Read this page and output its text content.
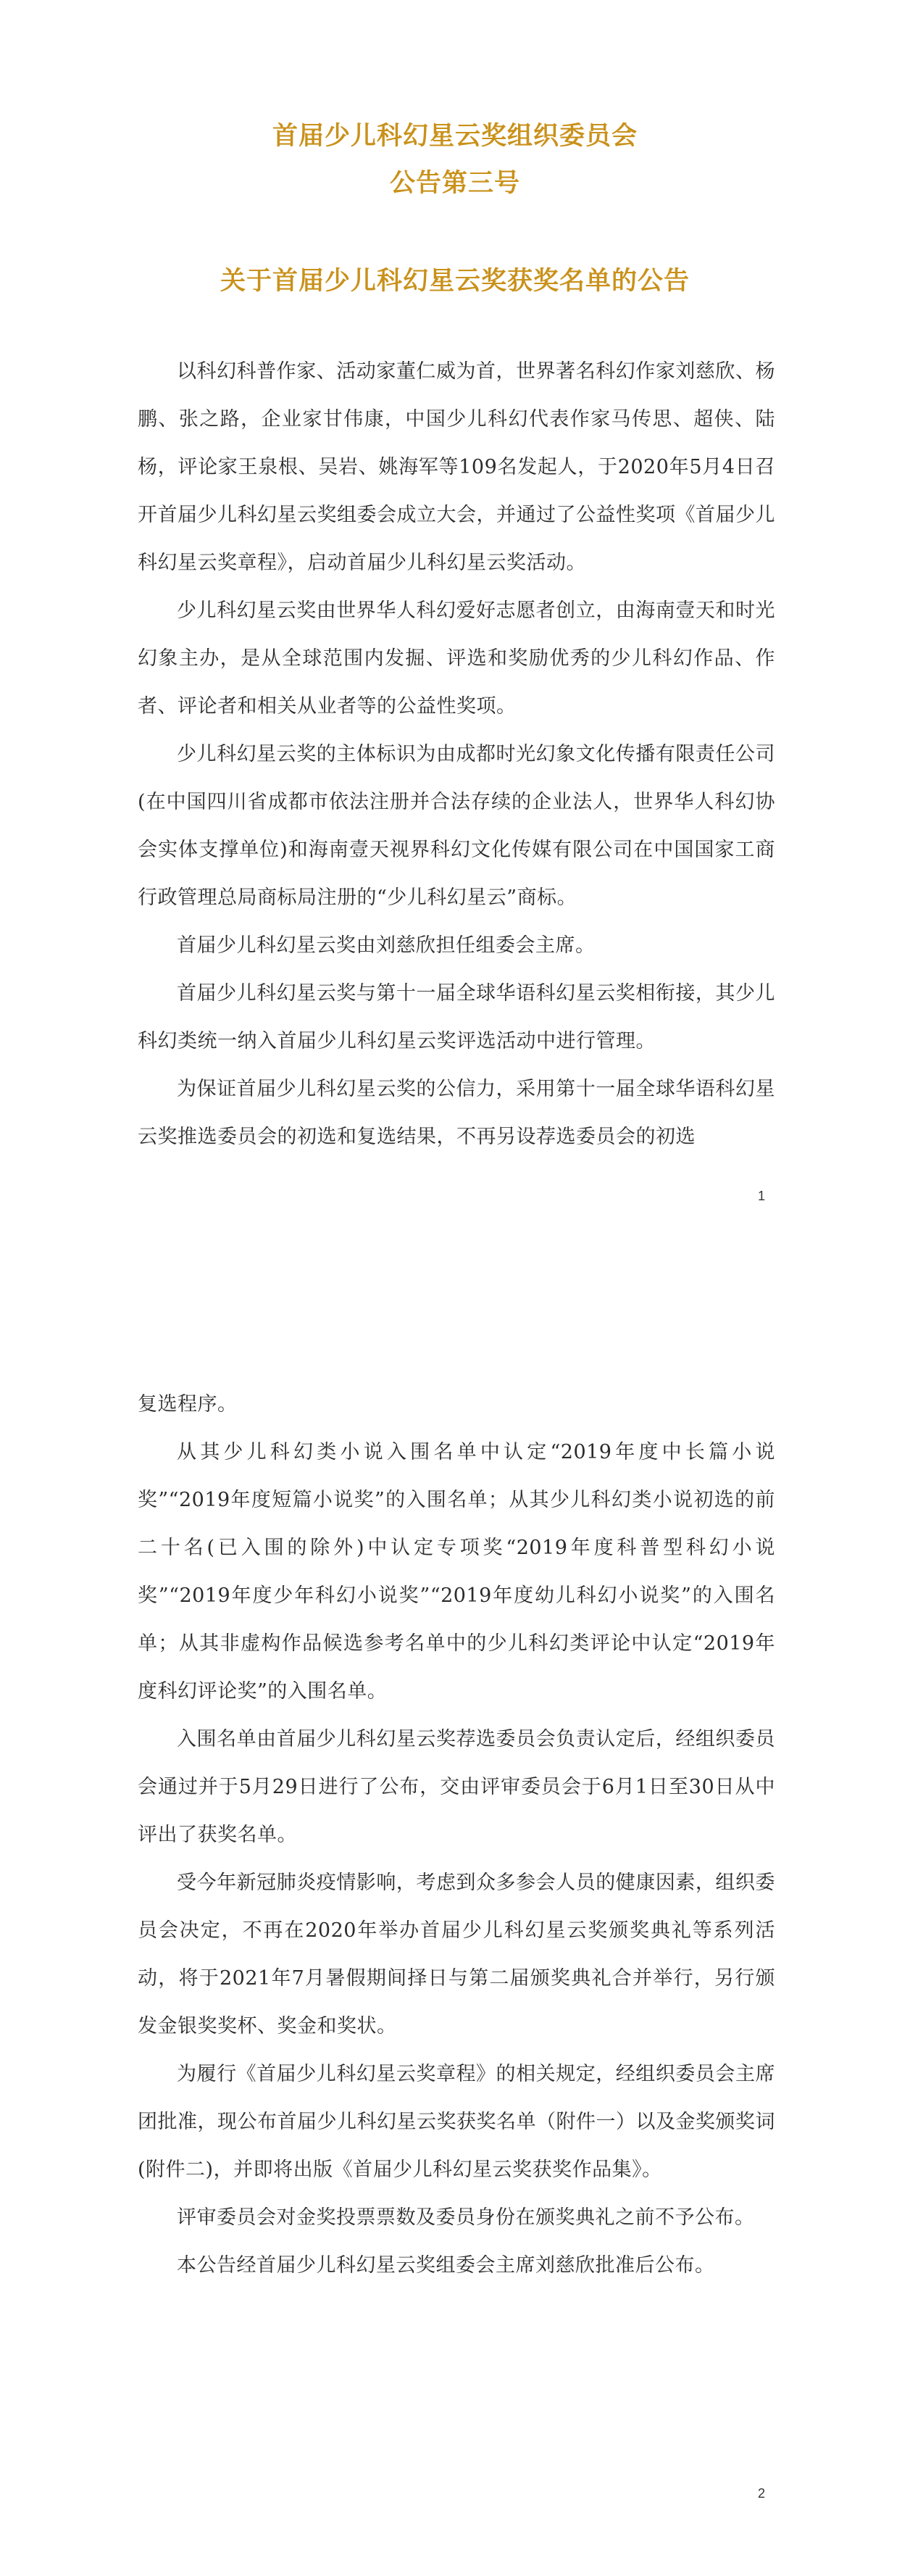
首届少儿科幻星云奖组织委员会
公告第三号
关于首届少儿科幻星云奖获奖名单的公告

以科幻科普作家、活动家董仁威为首，世界著名科幻作家刘慈欣、杨鹏、张之路，企业家甘伟康，中国少儿科幻代表作家马传思、超侠、陆杨，评论家王泉根、吴岩、姚海军等109名发起人，于2020年5月4日召开首届少儿科幻星云奖组委会成立大会，并通过了公益性奖项《首届少儿科幻星云奖章程》，启动首届少儿科幻星云奖活动。

少儿科幻星云奖由世界华人科幻爱好志愿者创立，由海南壹天和时光幻象主办，是从全球范围内发掘、评选和奖励优秀的少儿科幻作品、作者、评论者和相关从业者等的公益性奖项。

少儿科幻星云奖的主体标识为由成都时光幻象文化传播有限责任公司(在中国四川省成都市依法注册并合法存续的企业法人，世界华人科幻协会实体支撑单位)和海南壹天视界科幻文化传媒有限公司在中国国家工商行政管理总局商标局注册的“少儿科幻星云”商标。

首届少儿科幻星云奖由刘慈欣担任组委会主席。

首届少儿科幻星云奖与第十一届全球华语科幻星云奖相衔接，其少儿科幻类统一纳入首届少儿科幻星云奖评选活动中进行管理。

为保证首届少儿科幻星云奖的公信力，采用第十一届全球华语科幻星云奖推选委员会的初选和复选结果，不再另设荐选委员会的初选

1

复选程序。

从其少儿科幻类小说入围名单中认定“2019年度中长篇小说奖”“2019年度短篇小说奖”的入围名单；从其少儿科幻类小说初选的前二十名(已入围的除外)中认定专项奖“2019年度科普型科幻小说奖”“2019年度少年科幻小说奖”“2019年度幼儿科幻小说奖”的入围名单；从其非虚构作品候选参考名单中的少儿科幻类评论中认定“2019年度科幻评论奖”的入围名单。

入围名单由首届少儿科幻星云奖荐选委员会负责认定后，经组织委员会通过并于5月29日进行了公布，交由评审委员会于6月1日至30日从中评出了获奖名单。

受今年新冠肺炎疫情影响，考虑到众多参会人员的健康因素，组织委员会决定，不再在2020年举办首届少儿科幻星云奖颁奖典礼等系列活动，将于2021年7月暑假期间择日与第二届颁奖典礼合并举行，另行颁发金银奖奖杯、奖金和奖状。

为履行《首届少儿科幻星云奖章程》的相关规定，经组织委员会主席团批准，现公布首届少儿科幻星云奖获奖名单（附件一）以及金奖颁奖词(附件二)，并即将出版《首届少儿科幻星云奖获奖作品集》。

评审委员会对金奖投票票数及委员身份在颁奖典礼之前不予公布。

本公告经首届少儿科幻星云奖组委会主席刘慈欣批准后公布。

2
